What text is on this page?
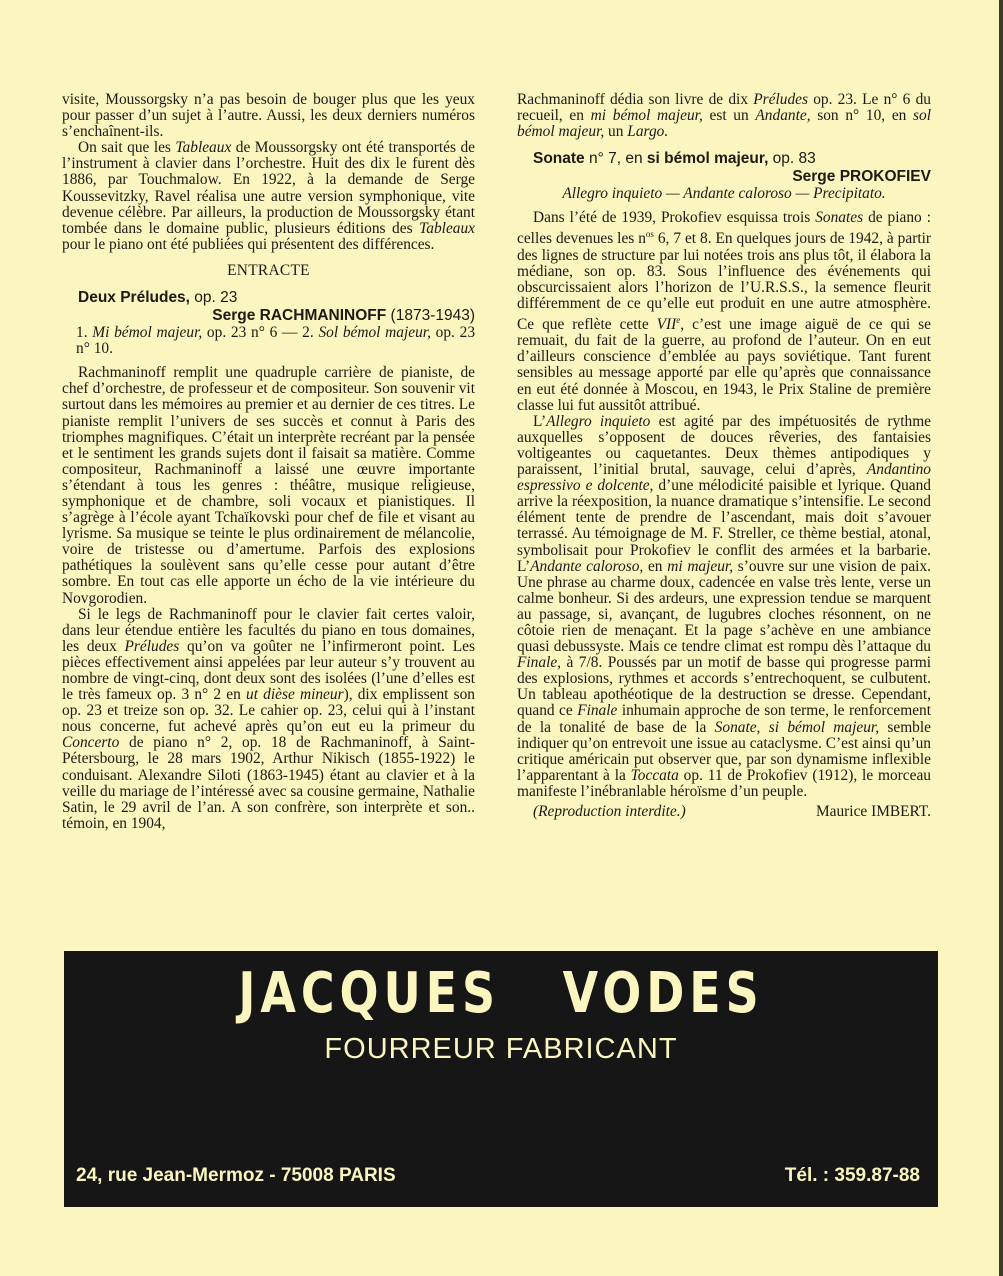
visite, Moussorgsky n’a pas besoin de bouger plus que les yeux pour passer d’un sujet à l’autre. Aussi, les deux derniers numéros s’enchaînent-ils.

On sait que les Tableaux de Moussorgsky ont été transportés de l’instrument à clavier dans l’orchestre. Huit des dix le furent dès 1886, par Touchmalow. En 1922, à la demande de Serge Koussevitzky, Ravel réalisa une autre version symphonique, vite devenue célèbre. Par ailleurs, la production de Moussorgsky étant tombée dans le domaine public, plusieurs éditions des Tableaux pour le piano ont été publiées qui présentent des différences.

ENTRACTE

Deux Préludes, op. 23

Serge RACHMANINOFF (1873-1943)

1. Mi bémol majeur, op. 23 n° 6 — 2. Sol bémol majeur, op. 23 n° 10.

Rachmaninoff remplit une quadruple carrière de pianiste, de chef d’orchestre, de professeur et de compositeur. Son souvenir vit surtout dans les mémoires au premier et au dernier de ces titres. Le pianiste remplit l’univers de ses succès et connut à Paris des triomphes magnifiques. C’était un interprète recréant par la pensée et le sentiment les grands sujets dont il faisait sa matière. Comme compositeur, Rachmaninoff a laissé une œuvre importante s’étendant à tous les genres : théâtre, musique religieuse, symphonique et de chambre, soli vocaux et pianistiques. Il s’agrège à l’école ayant Tchaïkovski pour chef de file et visant au lyrisme. Sa musique se teinte le plus ordinairement de mélancolie, voire de tristesse ou d’amertume. Parfois des explosions pathétiques la soulèvent sans qu’elle cesse pour autant d’être sombre. En tout cas elle apporte un écho de la vie intérieure du Novgorodien.

Si le legs de Rachmaninoff pour le clavier fait certes valoir, dans leur étendue entière les facultés du piano en tous domaines, les deux Préludes qu’on va goûter ne l’infirmeront point. Les pièces effectivement ainsi appelées par leur auteur s’y trouvent au nombre de vingt-cinq, dont deux sont des isolées (l’une d’elles est le très fameux op. 3 n° 2 en ut dièse mineur), dix emplissent son op. 23 et treize son op. 32. Le cahier op. 23, celui qui à l’instant nous concerne, fut achevé après qu’on eut eu la primeur du Concerto de piano n° 2, op. 18 de Rachmaninoff, à Saint-Pétersbourg, le 28 mars 1902, Arthur Nikisch (1855-1922) le conduisant. Alexandre Siloti (1863-1945) étant au clavier et à la veille du mariage de l’intéressé avec sa cousine germaine, Nathalie Satin, le 29 avril de l’an. A son confrère, son interprète et son.. témoin, en 1904,

Rachmaninoff dédia son livre de dix Préludes op. 23. Le n° 6 du recueil, en mi bémol majeur, est un Andante, son n° 10, en sol bémol majeur, un Largo.

Sonate n° 7, en si bémol majeur, op. 83

Serge PROKOFIEV

Allegro inquieto — Andante caloroso — Precipitato.

Dans l’été de 1939, Prokofiev esquissa trois Sonates de piano : celles devenues les $n^{os}$ 6, 7 et 8. En quelques jours de 1942, à partir des lignes de structure par lui notées trois ans plus tôt, il élabora la médiane, son op. 83. Sous l’influence des événements qui obscurcissaient alors l’horizon de l’U.R.S.S., la semence fleurit différemment de ce qu’elle eut produit en une autre atmosphère. Ce que reflète cette VIIe, c’est une image aiguë de ce qui se remuait, du fait de la guerre, au profond de l’auteur. On en eut d’ailleurs conscience d’emblée au pays soviétique. Tant furent sensibles au message apporté par elle qu’après que connaissance en eut été donnée à Moscou, en 1943, le Prix Staline de première classe lui fut aussitôt attribué.

L’Allegro inquieto est agité par des impétuosités de rythme auxquelles s’opposent de douces rêveries, des fantaisies voltigeantes ou caquetantes. Deux thèmes antipodiques y paraissent, l’initial brutal, sauvage, celui d’après, Andantino espressivo e dolcente, d’une mélodicité paisible et lyrique. Quand arrive la réexposition, la nuance dramatique s’intensifie. Le second élément tente de prendre de l’ascendant, mais doit s’avouer terrassé. Au témoignage de M. F. Streller, ce thème bestial, atonal, symbolisait pour Prokofiev le conflit des armées et la barbarie. L’Andante caloroso, en mi majeur, s’ouvre sur une vision de paix. Une phrase au charme doux, cadencée en valse très lente, verse un calme bonheur. Si des ardeurs, une expression tendue se marquent au passage, si, avançant, de lugubres cloches résonnent, on ne côtoie rien de menaçant. Et la page s’achève en une ambiance quasi debussyste. Mais ce tendre climat est rompu dès l’attaque du Finale, à 7/8. Poussés par un motif de basse qui progresse parmi des explosions, rythmes et accords s’entrechoquent, se culbutent. Un tableau apothéotique de la destruction se dresse. Cependant, quand ce Finale inhumain approche de son terme, le renforcement de la tonalité de base de la Sonate, si bémol majeur, semble indiquer qu’on entrevoit une issue au cataclysme. C’est ainsi qu’un critique américain put observer que, par son dynamisme inflexible l’apparentant à la Toccata op. 11 de Prokofiev (1912), le morceau manifeste l’inébranlable héroïsme d’un peuple.

(Reproduction interdite.)	Maurice IMBERT.
JACQUES   VODES
FOURREUR FABRICANT
24, rue Jean-Mermoz - 75008 PARIS	Tél. : 359.87-88
